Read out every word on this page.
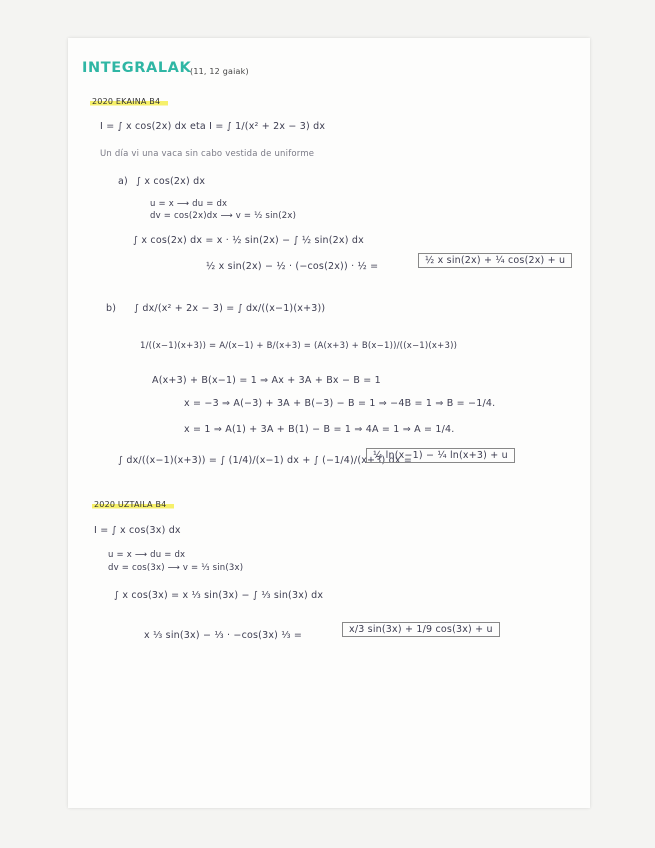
INTEGRALAK
(11, 12 gaiak)
2020 EKAINA B4
I = ∫ x cos(2x) dx eta I = ∫ 1/(x² + 2x − 3) dx
Un día vi una vaca sin cabo vestida de uniforme
a) ∫ x cos(2x) dx
u = x ⟶ du = dx
dv = cos(2x)dx ⟶ v = ½ sin(2x)
∫ x cos(2x) dx = x · ½ sin(2x) − ∫ ½ sin(2x) dx
½ x sin(2x) − ½ · (−cos(2x)) · ½ =
½ x sin(2x) + ¼ cos(2x) + u
b) ∫ dx/(x² + 2x − 3) = ∫ dx/((x−1)(x+3))
1/((x−1)(x+3)) = A/(x−1) + B/(x+3) = (A(x+3) + B(x−1))/((x−1)(x+3))
A(x+3) + B(x−1) = 1 ⇒ Ax + 3A + Bx − B = 1
x = −3 ⇒ A(−3) + 3A + B(−3) − B = 1 ⇒ −4B = 1 ⇒ B = −1/4.
x = 1 ⇒ A(1) + 3A + B(1) − B = 1 ⇒ 4A = 1 ⇒ A = 1/4.
∫ dx/((x−1)(x+3)) = ∫ (1/4)/(x−1) dx + ∫ (−1/4)/(x+3) dx =
¼ ln(x−1) − ¼ ln(x+3) + u
2020 UZTAILA B4
I = ∫ x cos(3x) dx
u = x ⟶ du = dx
dv = cos(3x) ⟶ v = ⅓ sin(3x)
∫ x cos(3x) = x ⅓ sin(3x) − ∫ ⅓ sin(3x) dx
x ⅓ sin(3x) − ⅓ · −cos(3x) ⅓ =
x/3 sin(3x) + 1/9 cos(3x) + u
